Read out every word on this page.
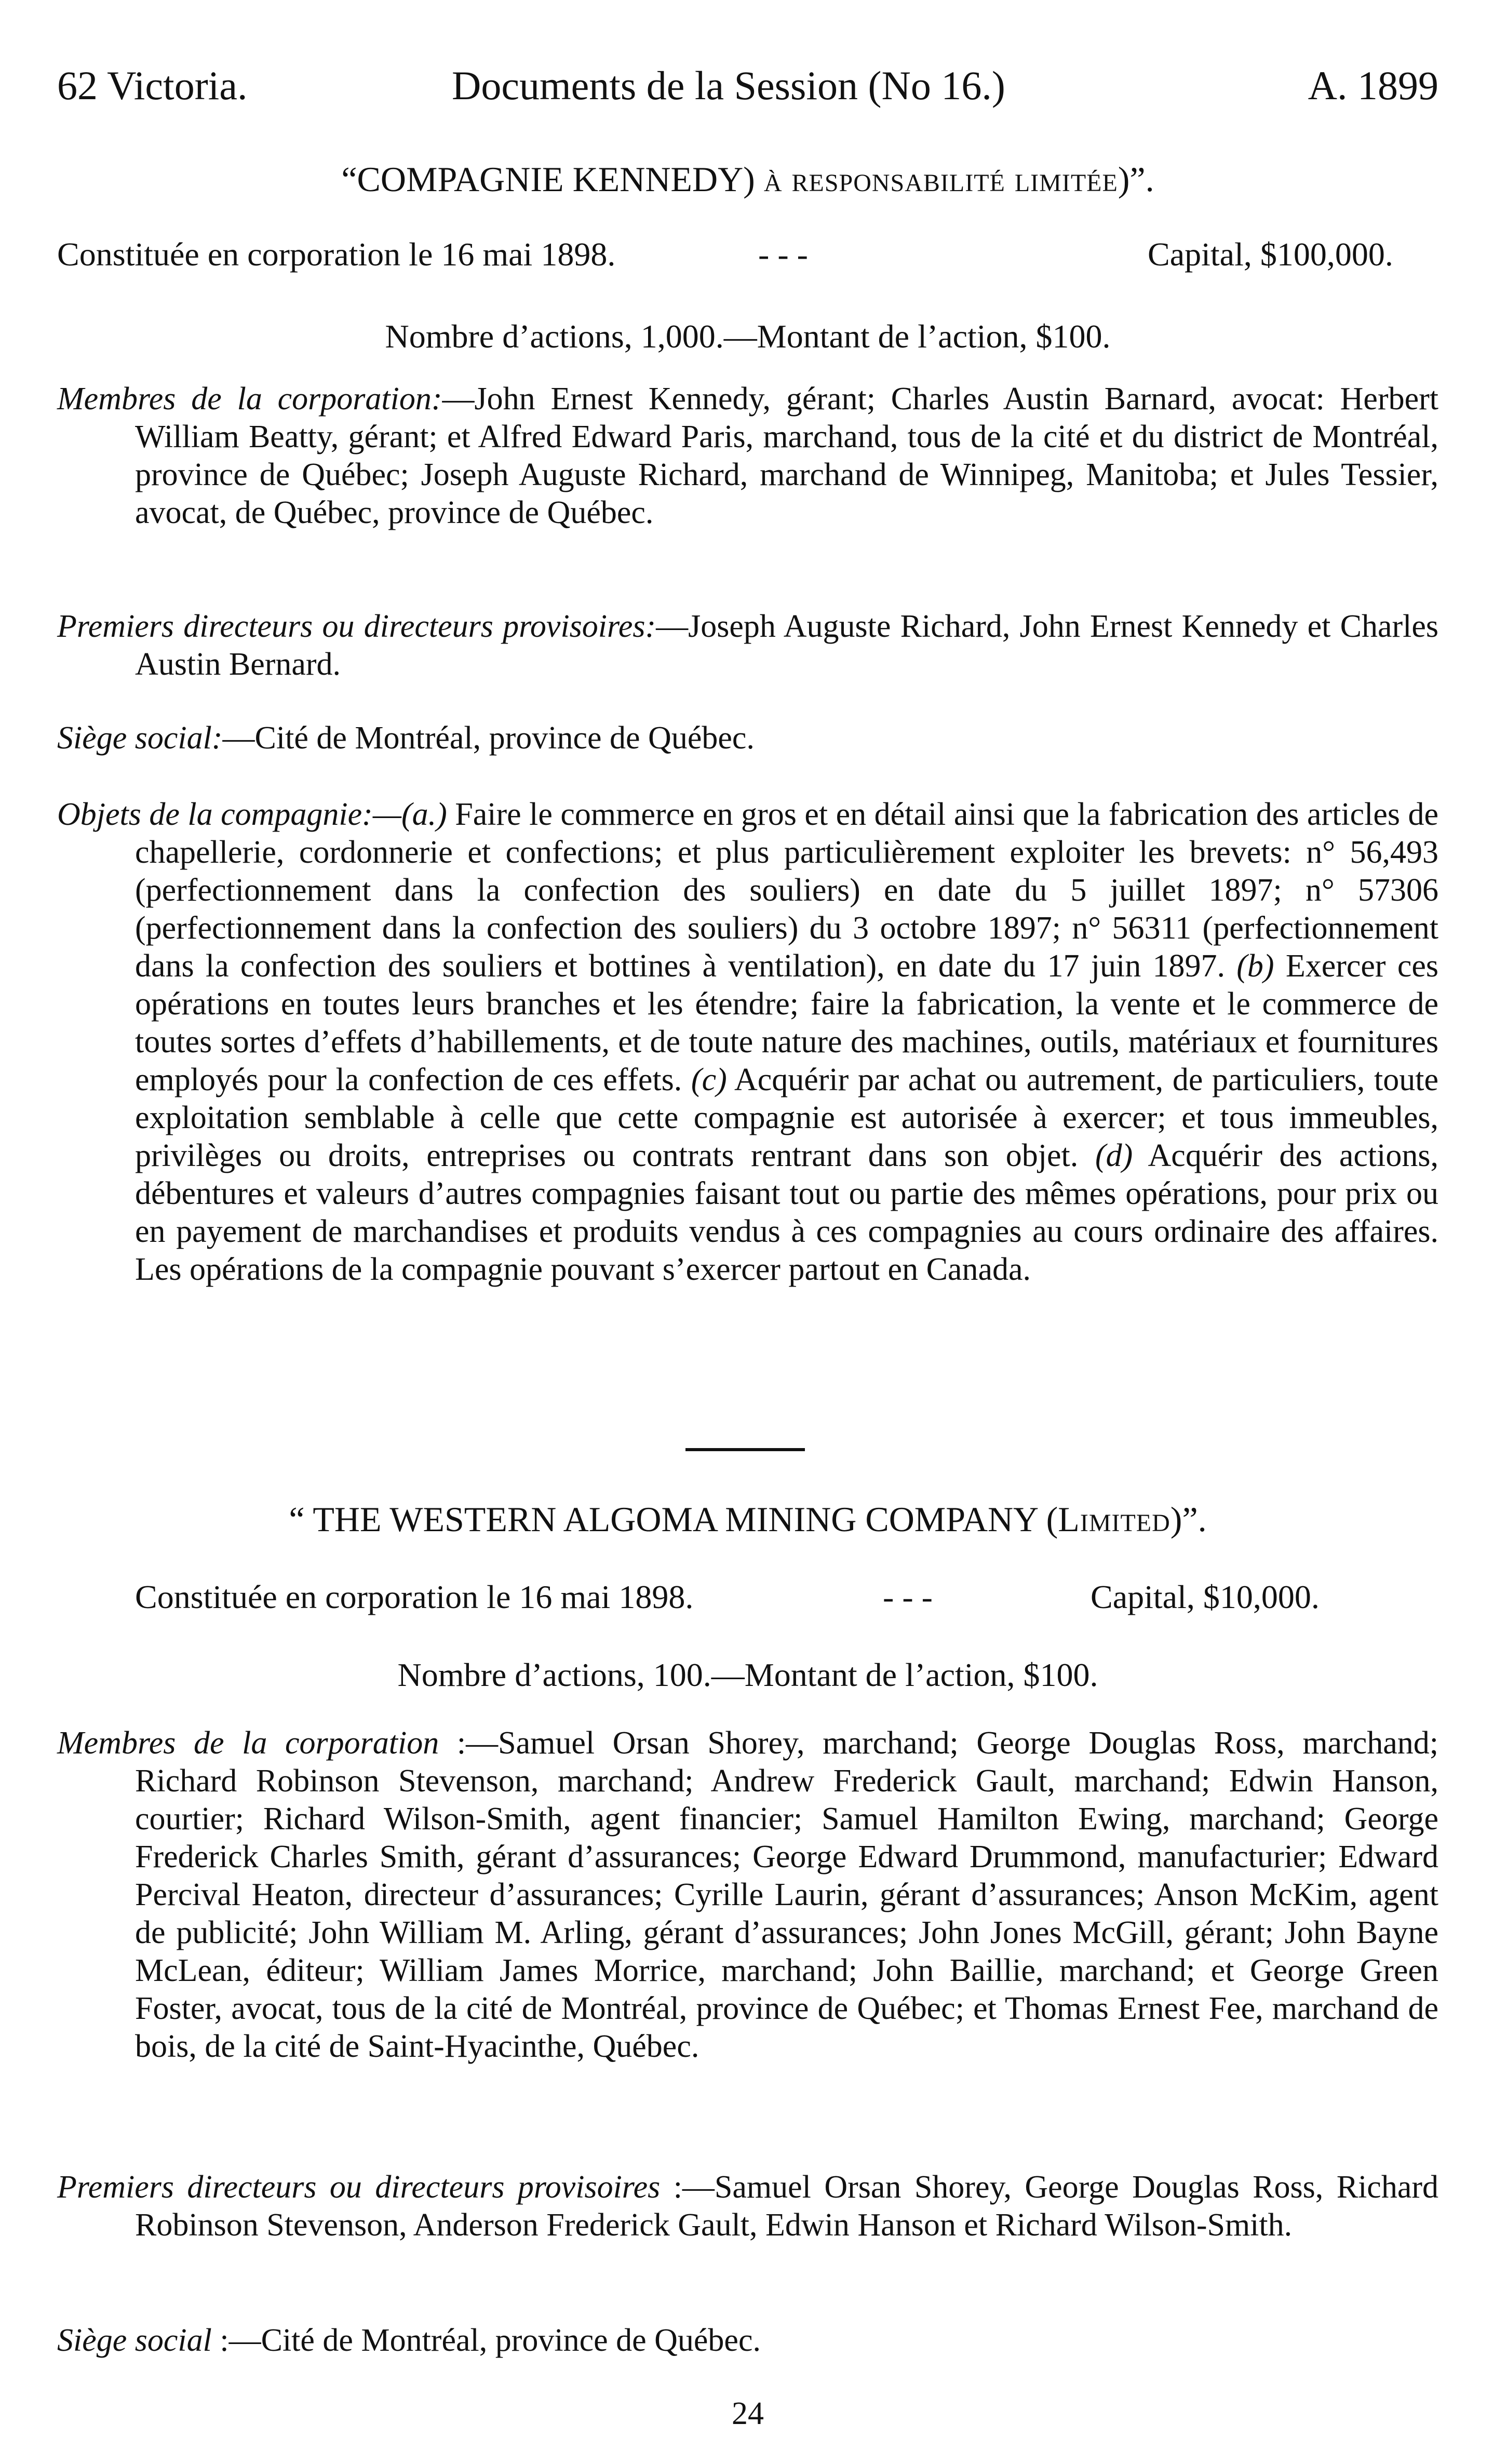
62 Victoria.	Documents de la Session (No 16.)	A. 1899
“COMPAGNIE KENNEDY) à responsabilité limitée)”.
Constituée en corporation le 16 mai 1898.	- - -	Capital, $100,000.
Nombre d’actions, 1,000.—Montant de l’action, $100.
Membres de la corporation:—John Ernest Kennedy, gérant; Charles Austin Barnard, avocat: Herbert William Beatty, gérant; et Alfred Edward Paris, marchand, tous de la cité et du district de Montréal, province de Québec; Joseph Auguste Richard, marchand de Winnipeg, Manitoba; et Jules Tessier, avocat, de Québec, province de Québec.
Premiers directeurs ou directeurs provisoires:—Joseph Auguste Richard, John Ernest Kennedy et Charles Austin Bernard.
Siège social:—Cité de Montréal, province de Québec.
Objets de la compagnie:—(a.) Faire le commerce en gros et en détail ainsi que la fabrication des articles de chapellerie, cordonnerie et confections; et plus particulièrement exploiter les brevets: n° 56,493 (perfectionnement dans la confection des souliers) en date du 5 juillet 1897; n° 57306 (perfectionnement dans la confection des souliers) du 3 octobre 1897; n° 56311 (perfectionnement dans la confection des souliers et bottines à ventilation), en date du 17 juin 1897. (b) Exercer ces opérations en toutes leurs branches et les étendre; faire la fabrication, la vente et le commerce de toutes sortes d’effets d’habillements, et de toute nature des machines, outils, matériaux et fournitures employés pour la confection de ces effets. (c) Acquérir par achat ou autrement, de particuliers, toute exploitation semblable à celle que cette compagnie est autorisée à exercer; et tous immeubles, privilèges ou droits, entreprises ou contrats rentrant dans son objet. (d) Acquérir des actions, débentures et valeurs d’autres compagnies faisant tout ou partie des mêmes opérations, pour prix ou en payement de marchandises et produits vendus à ces compagnies au cours ordinaire des affaires. Les opérations de la compagnie pouvant s’exercer partout en Canada.
“ THE WESTERN ALGOMA MINING COMPANY (Limited)”.
Constituée en corporation le 16 mai 1898.	- - -	Capital, $10,000.
Nombre d’actions, 100.—Montant de l’action, $100.
Membres de la corporation :—Samuel Orsan Shorey, marchand; George Douglas Ross, marchand; Richard Robinson Stevenson, marchand; Andrew Frederick Gault, marchand; Edwin Hanson, courtier; Richard Wilson-Smith, agent financier; Samuel Hamilton Ewing, marchand; George Frederick Charles Smith, gérant d’assurances; George Edward Drummond, manufacturier; Edward Percival Heaton, directeur d’assurances; Cyrille Laurin, gérant d’assurances; Anson McKim, agent de publicité; John William M. Arling, gérant d’assurances; John Jones McGill, gérant; John Bayne McLean, éditeur; William James Morrice, marchand; John Baillie, marchand; et George Green Foster, avocat, tous de la cité de Montréal, province de Québec; et Thomas Ernest Fee, marchand de bois, de la cité de Saint-Hyacinthe, Québec.
Premiers directeurs ou directeurs provisoires :—Samuel Orsan Shorey, George Douglas Ross, Richard Robinson Stevenson, Anderson Frederick Gault, Edwin Hanson et Richard Wilson-Smith.
Siège social :—Cité de Montréal, province de Québec.
24
